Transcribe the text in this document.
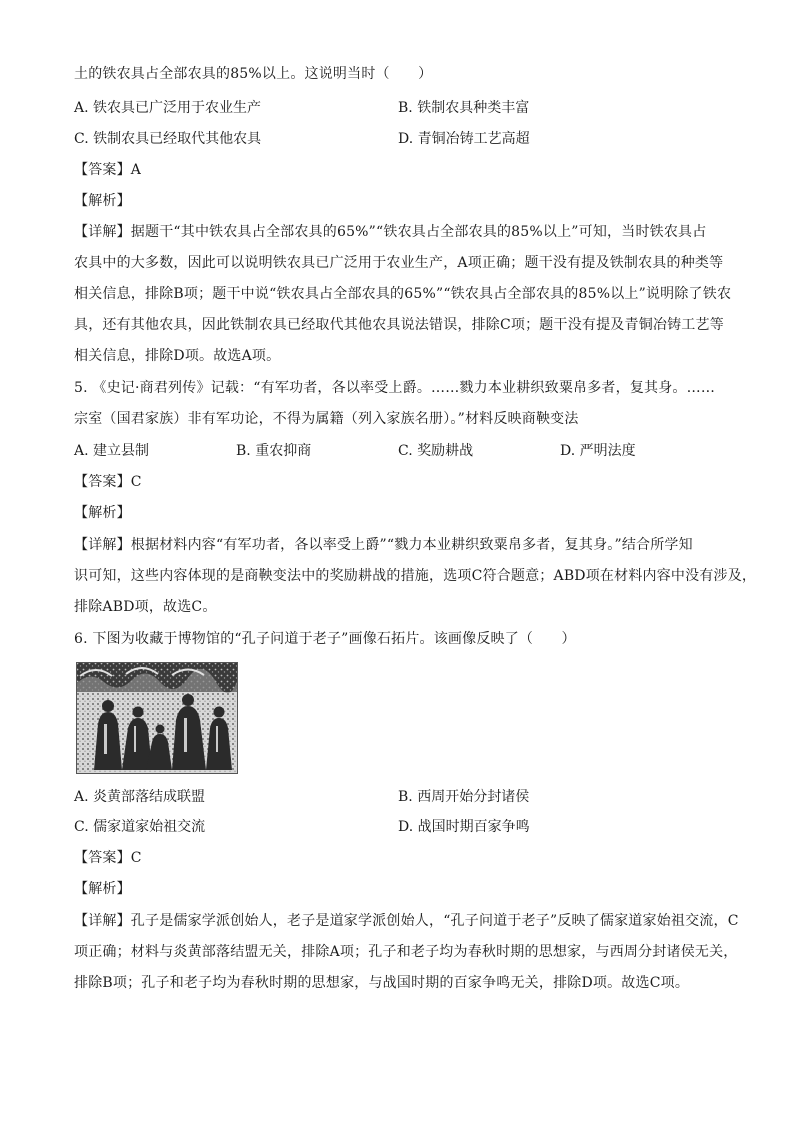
土的铁农具占全部农具的85%以上。这说明当时（　　）
A. 铁农具已广泛用于农业生产	B. 铁制农具种类丰富
C. 铁制农具已经取代其他农具	D. 青铜冶铸工艺高超
【答案】A
【解析】
【详解】据题干“其中铁农具占全部农具的65%”“铁农具占全部农具的85%以上”可知，当时铁农具占
农具中的大多数，因此可以说明铁农具已广泛用于农业生产，A项正确；题干没有提及铁制农具的种类等
相关信息，排除B项；题干中说“铁农具占全部农具的65%”“铁农具占全部农具的85%以上”说明除了铁农
具，还有其他农具，因此铁制农具已经取代其他农具说法错误，排除C项；题干没有提及青铜冶铸工艺等
相关信息，排除D项。故选A项。
5. 《史记·商君列传》记载：“有军功者，各以率受上爵。……戮力本业耕织致粟帛多者，复其身。……
宗室（国君家族）非有军功论，不得为属籍（列入家族名册）。”材料反映商鞅变法
A. 建立县制	B. 重农抑商	C. 奖励耕战	D. 严明法度
【答案】C
【解析】
【详解】根据材料内容“有军功者，各以率受上爵”“戮力本业耕织致粟帛多者，复其身。”结合所学知
识可知，这些内容体现的是商鞅变法中的奖励耕战的措施，选项C符合题意；ABD项在材料内容中没有涉及，
排除ABD项，故选C。
6. 下图为收藏于博物馆的“孔子问道于老子”画像石拓片。该画像反映了（　　）
A. 炎黄部落结成联盟	B. 西周开始分封诸侯
C. 儒家道家始祖交流	D. 战国时期百家争鸣
【答案】C
【解析】
【详解】孔子是儒家学派创始人，老子是道家学派创始人，“孔子问道于老子”反映了儒家道家始祖交流，C
项正确；材料与炎黄部落结盟无关，排除A项；孔子和老子均为春秋时期的思想家，与西周分封诸侯无关，
排除B项；孔子和老子均为春秋时期的思想家，与战国时期的百家争鸣无关，排除D项。故选C项。
